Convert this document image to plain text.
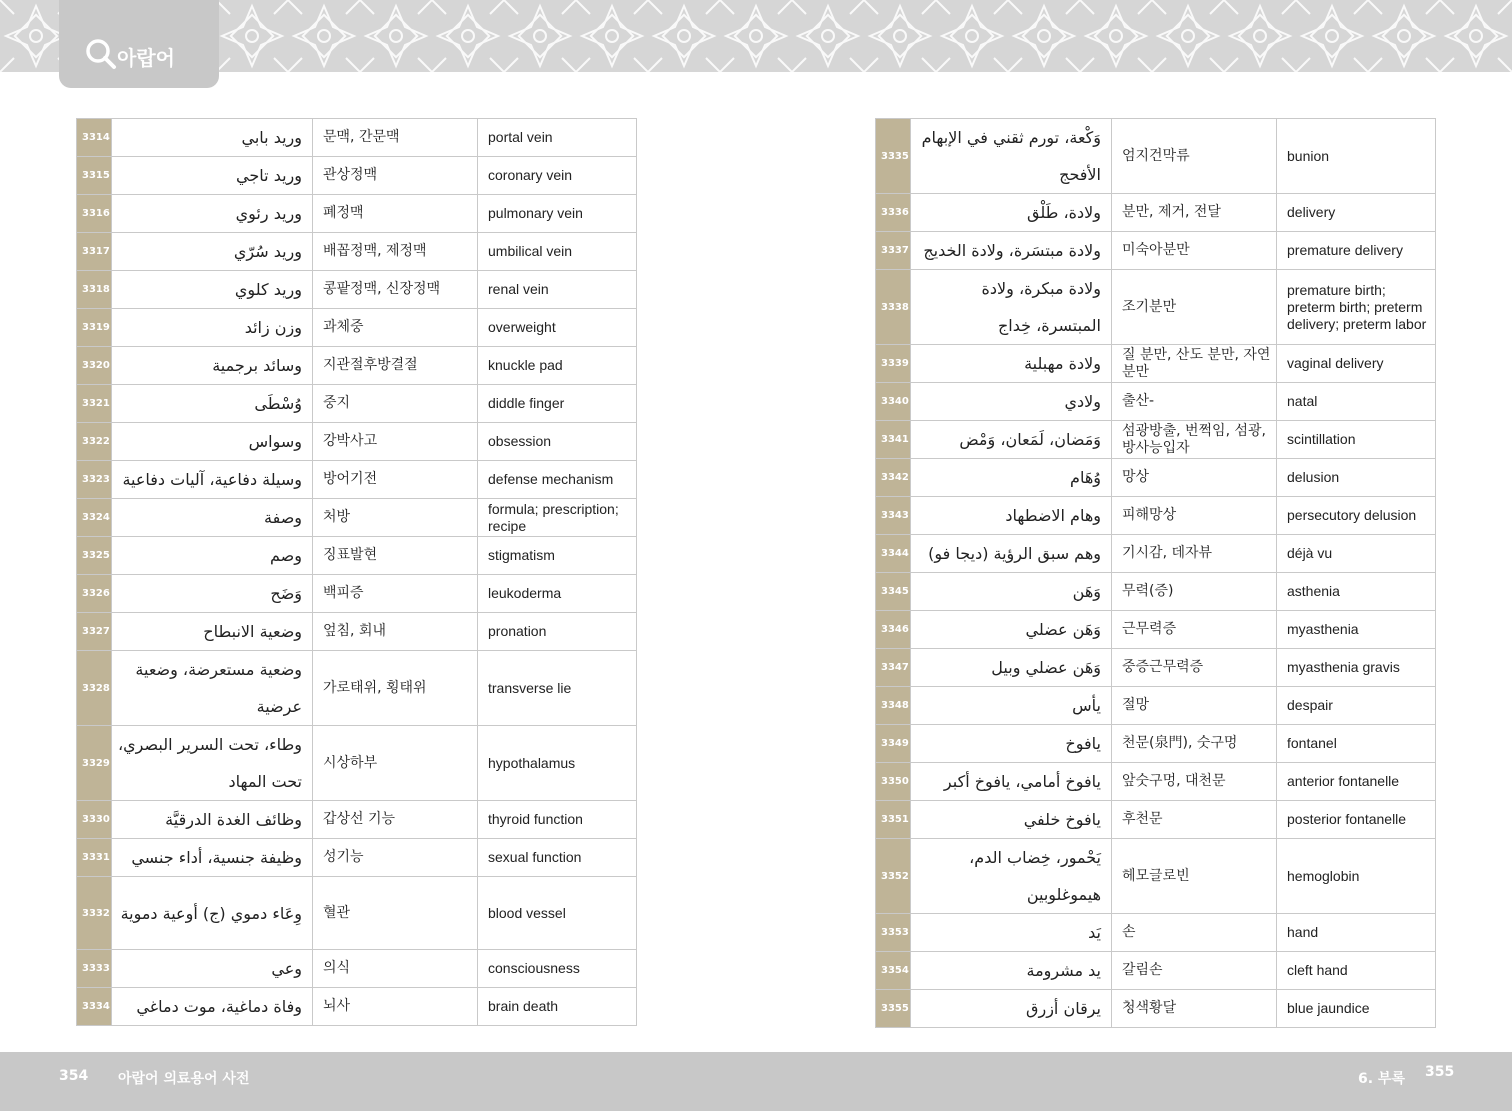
아랍어
3314	وريد بابي	문맥, 간문맥	portal vein
3315	وريد تاجي	관상정맥	coronary vein
3316	وريد رئوي	폐정맥	pulmonary vein
3317	وريد سُرّي	배꼽정맥, 제정맥	umbilical vein
3318	وريد كلوي	콩팥정맥, 신장정맥	renal vein
3319	وزن زائد	과체중	overweight
3320	وسائد برجمية	지관절후방결절	knuckle pad
3321	وُسْطَى	중지	diddle finger
3322	وسواس	강박사고	obsession
3323	وسيلة دفاعية، آليات دفاعية	방어기전	defense mechanism
3324	وصفة	처방	formula; prescription; recipe
3325	وصم	징표발현	stigmatism
3326	وَضَح	백피증	leukoderma
3327	وضعية الانبطاح	엎침, 회내	pronation
3328	وضعية مستعرضة، وضعية عرضية	가로태위, 횡태위	transverse lie
3329	وطاء، تحت السرير البصري، تحت المهاد	시상하부	hypothalamus
3330	وظائف الغدة الدرقيَّة	갑상선 기능	thyroid function
3331	وظيفة جنسية، أداء جنسي	성기능	sexual function
3332	وِعَاء دموي (ج) أوعية دموية	혈관	blood vessel
3333	وعي	의식	consciousness
3334	وفاة دماغية، موت دماغي	뇌사	brain death
3335	وَكْعة، تورم ثقني في الإبهام الأفحج	엄지건막류	bunion
3336	ولادة، طَلْق	분만, 제거, 전달	delivery
3337	ولادة مبتسَرة، ولادة الخديج	미숙아분만	premature delivery
3338	ولادة مبكرة، ولادة المبتسرة، خِداج	조기분만	premature birth; preterm birth; preterm delivery; preterm labor
3339	ولادة مهبلية	질 분만, 산도 분만, 자연 분만	vaginal delivery
3340	ولادي	출산-	natal
3341	وَمَضان، لَمَعان، وَمْض	섬광방출, 번쩍임, 섬광, 방사능입자	scintillation
3342	وُهَام	망상	delusion
3343	وهام الاضطهاد	피해망상	persecutory delusion
3344	وهم سبق الرؤية (ديجا فو)	기시감, 데자뷰	déjà vu
3345	وَهَن	무력(증)	asthenia
3346	وَهَن عضلي	근무력증	myasthenia
3347	وَهَن عضلي وبيل	중증근무력증	myasthenia gravis
3348	يأس	절망	despair
3349	يافوخ	천문(泉門), 숫구멍	fontanel
3350	يافوخ أمامي، يافوخ أكبر	앞숫구멍, 대천문	anterior fontanelle
3351	يافوخ خلفي	후천문	posterior fontanelle
3352	يَحْمور، خِضاب الدم، هيموغلوبين	헤모글로빈	hemoglobin
3353	يَد	손	hand
3354	يد مشرومة	갈림손	cleft hand
3355	يرقان أزرق	청색황달	blue jaundice
354 아랍어 의료용어 사전	6. 부록 355
